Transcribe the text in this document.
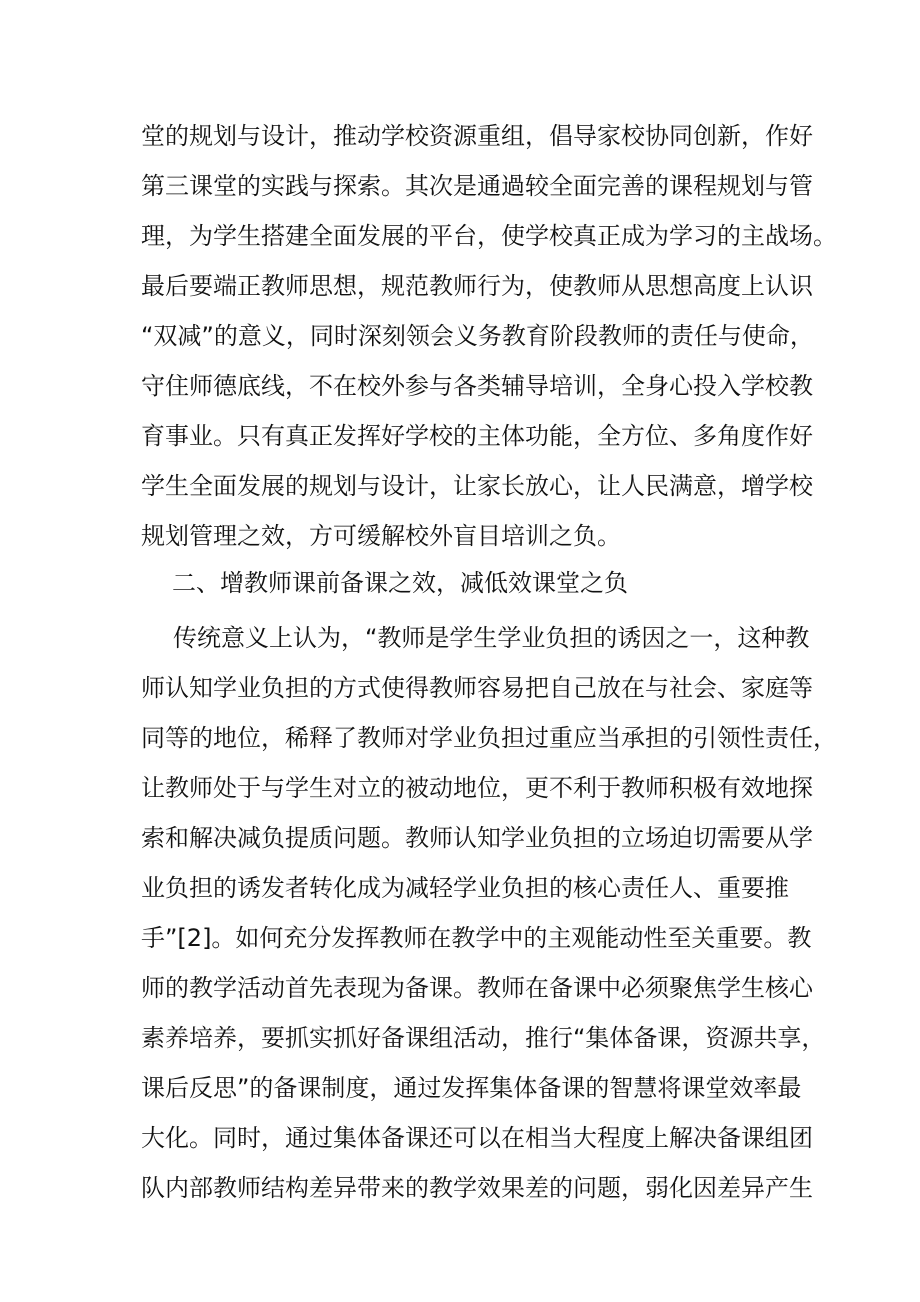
堂的规划与设计，推动学校资源重组，倡导家校协同创新，作好
第三课堂的实践与探索。其次是通過较全面完善的课程规划与管
理，为学生搭建全面发展的平台，使学校真正成为学习的主战场。
最后要端正教师思想，规范教师行为，使教师从思想高度上认识
“双减”的意义，同时深刻领会义务教育阶段教师的责任与使命，
守住师德底线，不在校外参与各类辅导培训，全身心投入学校教
育事业。只有真正发挥好学校的主体功能，全方位、多角度作好
学生全面发展的规划与设计，让家长放心，让人民满意，增学校
规划管理之效，方可缓解校外盲目培训之负。
二、增教师课前备课之效，减低效课堂之负
传统意义上认为，“教师是学生学业负担的诱因之一，这种教
师认知学业负担的方式使得教师容易把自己放在与社会、家庭等
同等的地位，稀释了教师对学业负担过重应当承担的引领性责任，
让教师处于与学生对立的被动地位，更不利于教师积极有效地探
索和解决减负提质问题。教师认知学业负担的立场迫切需要从学
业负担的诱发者转化成为减轻学业负担的核心责任人、重要推
手”[2]。如何充分发挥教师在教学中的主观能动性至关重要。教
师的教学活动首先表现为备课。教师在备课中必须聚焦学生核心
素养培养，要抓实抓好备课组活动，推行“集体备课，资源共享，
课后反思”的备课制度，通过发挥集体备课的智慧将课堂效率最
大化。同时，通过集体备课还可以在相当大程度上解决备课组团
队内部教师结构差异带来的教学效果差的问题，弱化因差异产生
